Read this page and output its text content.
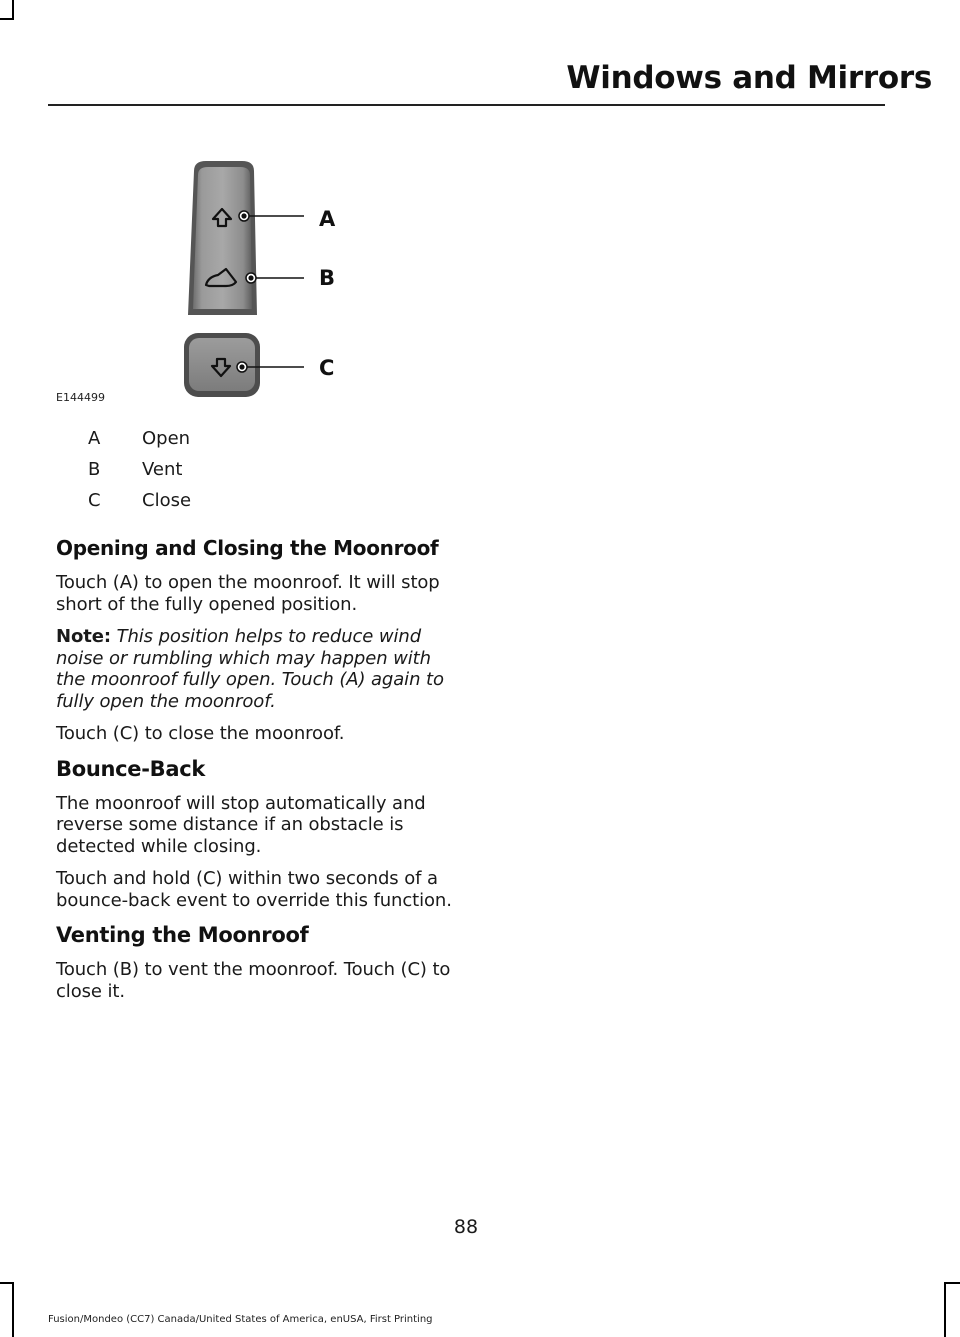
Windows and Mirrors
A
B
C
E144499
A	Open
B	Vent
C	Close
Opening and Closing the Moonroof

Touch (A) to open the moonroof. It will stop short of the fully opened position.

Note: This position helps to reduce wind noise or rumbling which may happen with the moonroof fully open. Touch (A) again to fully open the moonroof.

Touch (C) to close the moonroof.

Bounce-Back

The moonroof will stop automatically and reverse some distance if an obstacle is detected while closing.

Touch and hold (C) within two seconds of a bounce-back event to override this function.

Venting the Moonroof

Touch (B) to vent the moonroof. Touch (C) to close it.

88
Fusion/Mondeo (CC7) Canada/United States of America, enUSA, First Printing
